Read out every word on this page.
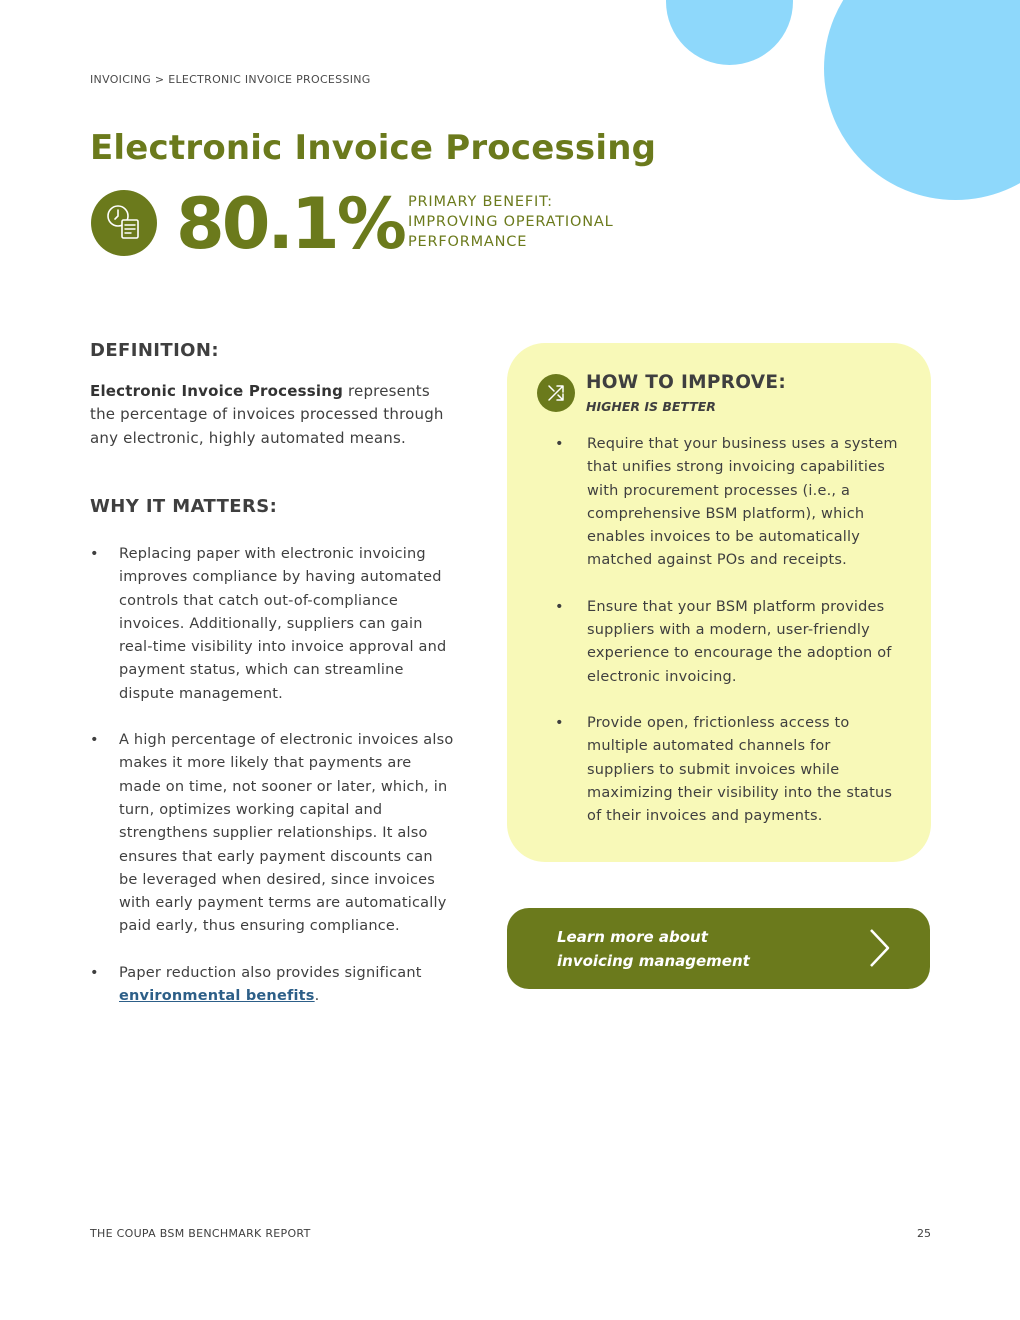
INVOICING > ELECTRONIC INVOICE PROCESSING
Electronic Invoice Processing
80.1% PRIMARY BENEFIT:
IMPROVING OPERATIONAL
PERFORMANCE
DEFINITION:
Electronic Invoice Processing represents the percentage of invoices processed through any electronic, highly automated means.
WHY IT MATTERS:
• Replacing paper with electronic invoicing improves compliance by having automated controls that catch out-of-compliance invoices. Additionally, suppliers can gain real-time visibility into invoice approval and payment status, which can streamline dispute management.
• A high percentage of electronic invoices also makes it more likely that payments are made on time, not sooner or later, which, in turn, optimizes working capital and strengthens supplier relationships. It also ensures that early payment discounts can be leveraged when desired, since invoices with early payment terms are automatically paid early, thus ensuring compliance.
• Paper reduction also provides significant environmental benefits.
HOW TO IMPROVE:
HIGHER IS BETTER
• Require that your business uses a system that unifies strong invoicing capabilities with procurement processes (i.e., a comprehensive BSM platform), which enables invoices to be automatically matched against POs and receipts.
• Ensure that your BSM platform provides suppliers with a modern, user-friendly experience to encourage the adoption of electronic invoicing.
• Provide open, frictionless access to multiple automated channels for suppliers to submit invoices while maximizing their visibility into the status of their invoices and payments.
Learn more about
invoicing management
THE COUPA BSM BENCHMARK REPORT	25
